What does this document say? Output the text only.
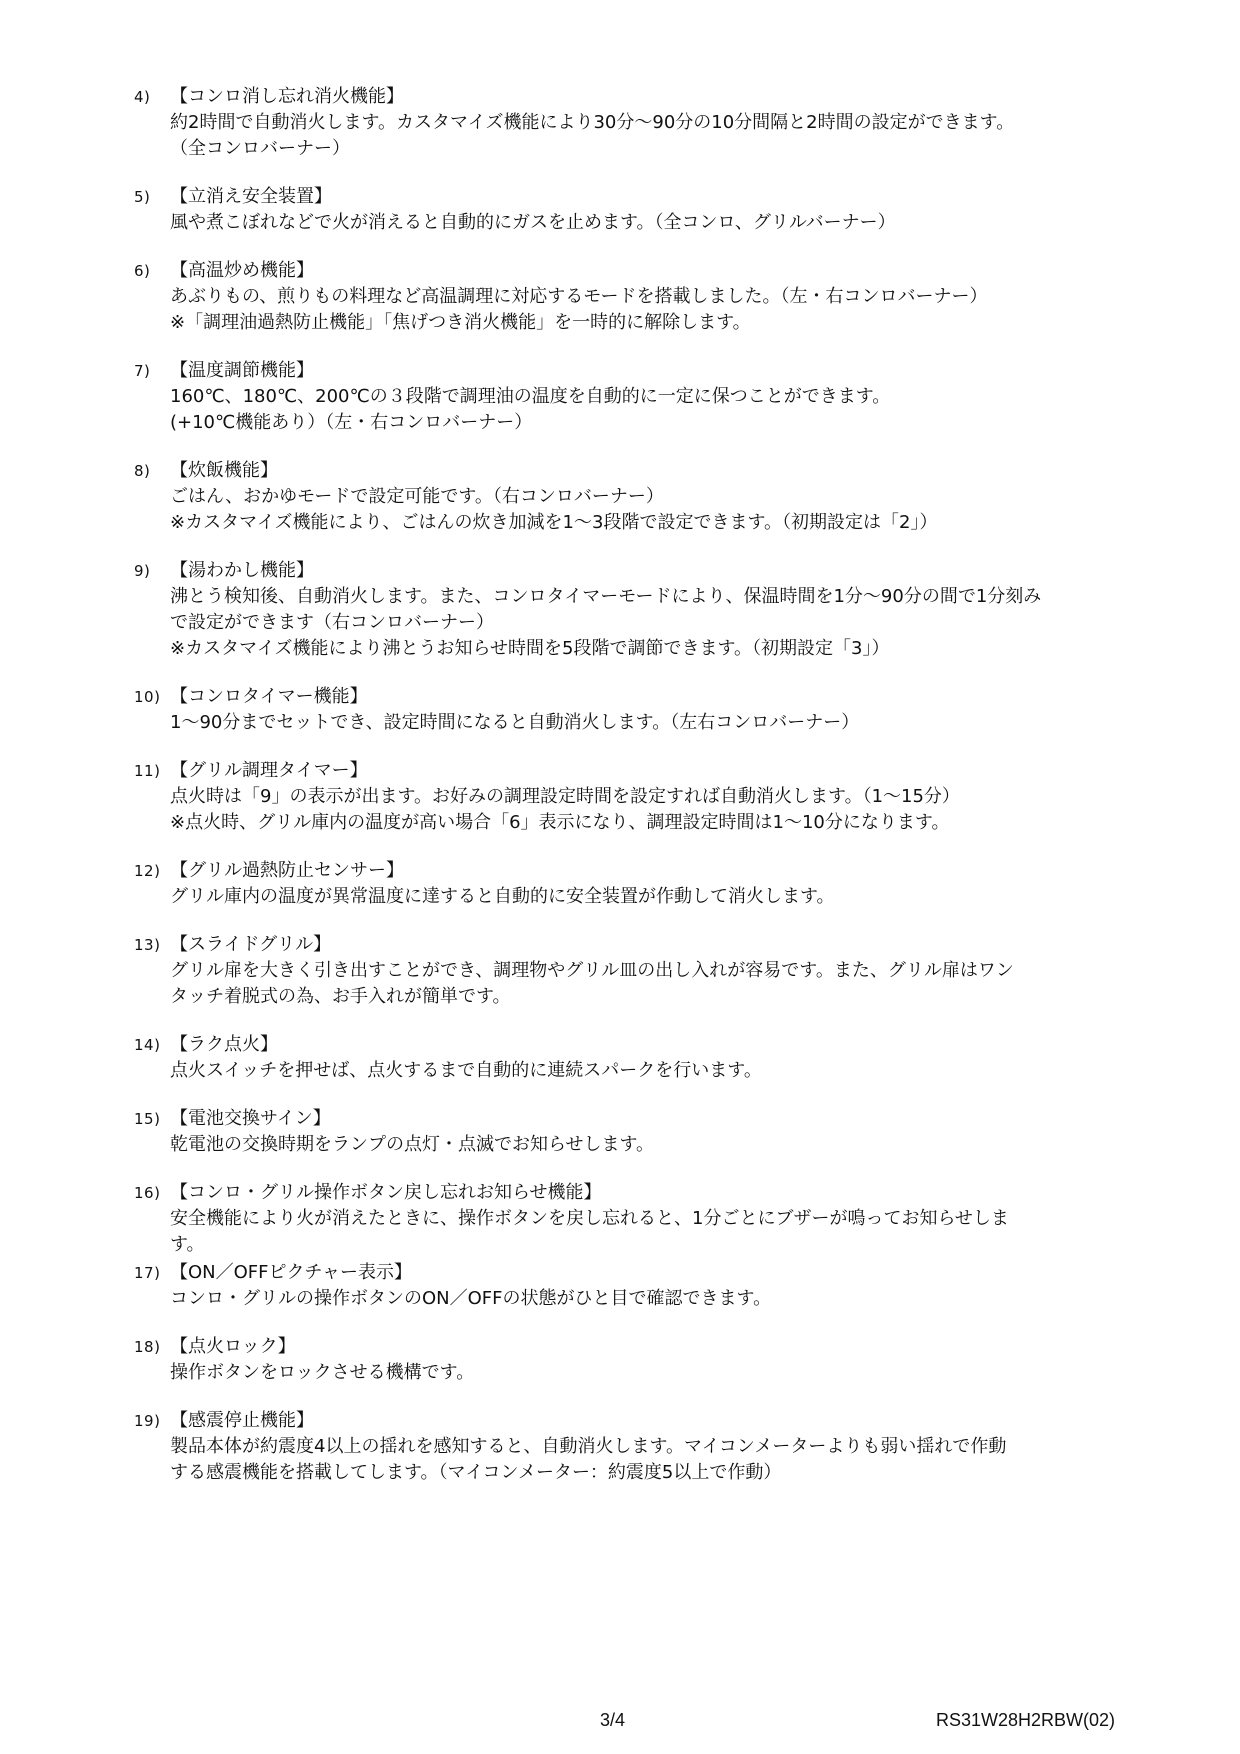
4) 【コンロ消し忘れ消火機能】
約2時間で自動消火します。カスタマイズ機能により30分～90分の10分間隔と2時間の設定ができます。
（全コンロバーナー）
5) 【立消え安全装置】
風や煮こぼれなどで火が消えると自動的にガスを止めます。（全コンロ、グリルバーナー）
6) 【高温炒め機能】
あぶりもの、煎りもの料理など高温調理に対応するモードを搭載しました。（左・右コンロバーナー）
※「調理油過熱防止機能」「焦げつき消火機能」を一時的に解除します。
7) 【温度調節機能】
160℃、180℃、200℃の３段階で調理油の温度を自動的に一定に保つことができます。
(+10℃機能あり）（左・右コンロバーナー）
8) 【炊飯機能】
ごはん、おかゆモードで設定可能です。（右コンロバーナー）
※カスタマイズ機能により、ごはんの炊き加減を1～3段階で設定できます。（初期設定は「2」）
9) 【湯わかし機能】
沸とう検知後、自動消火します。また、コンロタイマーモードにより、保温時間を1分～90分の間で1分刻み
で設定ができます（右コンロバーナー）
※カスタマイズ機能により沸とうお知らせ時間を5段階で調節できます。（初期設定「3」）
10) 【コンロタイマー機能】
1～90分までセットでき、設定時間になると自動消火します。（左右コンロバーナー）
11) 【グリル調理タイマー】
点火時は「9」の表示が出ます。お好みの調理設定時間を設定すれば自動消火します。（1～15分）
※点火時、グリル庫内の温度が高い場合「6」表示になり、調理設定時間は1～10分になります。
12) 【グリル過熱防止センサー】
グリル庫内の温度が異常温度に達すると自動的に安全装置が作動して消火します。
13) 【スライドグリル】
グリル扉を大きく引き出すことができ、調理物やグリル皿の出し入れが容易です。また、グリル扉はワン
タッチ着脱式の為、お手入れが簡単です。
14) 【ラク点火】
点火スイッチを押せば、点火するまで自動的に連続スパークを行います。
15) 【電池交換サイン】
乾電池の交換時期をランプの点灯・点滅でお知らせします。
16) 【コンロ・グリル操作ボタン戻し忘れお知らせ機能】
安全機能により火が消えたときに、操作ボタンを戻し忘れると、1分ごとにブザーが鳴ってお知らせしま
す。
17) 【ON／OFFピクチャー表示】
コンロ・グリルの操作ボタンのON／OFFの状態がひと目で確認できます。
18) 【点火ロック】
操作ボタンをロックさせる機構です。
19) 【感震停止機能】
製品本体が約震度4以上の揺れを感知すると、自動消火します。マイコンメーターよりも弱い揺れで作動
する感震機能を搭載してします。（マイコンメーター：約震度5以上で作動）
3/4	RS31W28H2RBW(02)
